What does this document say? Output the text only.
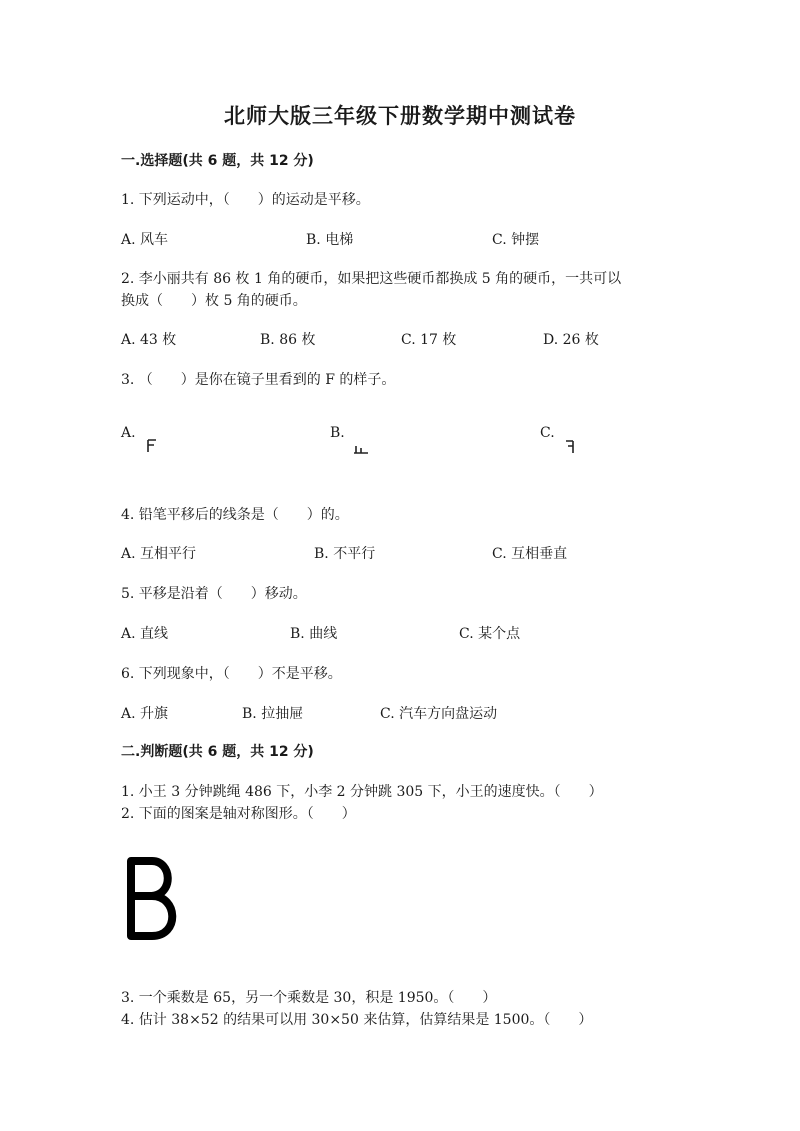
北师大版三年级下册数学期中测试卷
一.选择题(共 6 题，共 12 分)
1. 下列运动中，（　　）的运动是平移。
A. 风车	B. 电梯	C. 钟摆
2. 李小丽共有 86 枚 1 角的硬币，如果把这些硬币都换成 5 角的硬币，一共可以
换成（　　）枚 5 角的硬币。
A. 43 枚	B. 86 枚	C. 17 枚	D. 26 枚
3. （　　）是你在镜子里看到的 F 的样子。
A.	B.	C.
4. 铅笔平移后的线条是（　　）的。
A. 互相平行	B. 不平行	C. 互相垂直
5. 平移是沿着（　　）移动。
A. 直线	B. 曲线	C. 某个点
6. 下列现象中，（　　）不是平移。
A. 升旗	B. 拉抽屉	C. 汽车方向盘运动
二.判断题(共 6 题，共 12 分)
1. 小王 3 分钟跳绳 486 下，小李 2 分钟跳 305 下，小王的速度快。（　　）
2. 下面的图案是轴对称图形。（　　）
3. 一个乘数是 65，另一个乘数是 30，积是 1950。（　　）
4. 估计 38×52 的结果可以用 30×50 来估算，估算结果是 1500。（　　）
